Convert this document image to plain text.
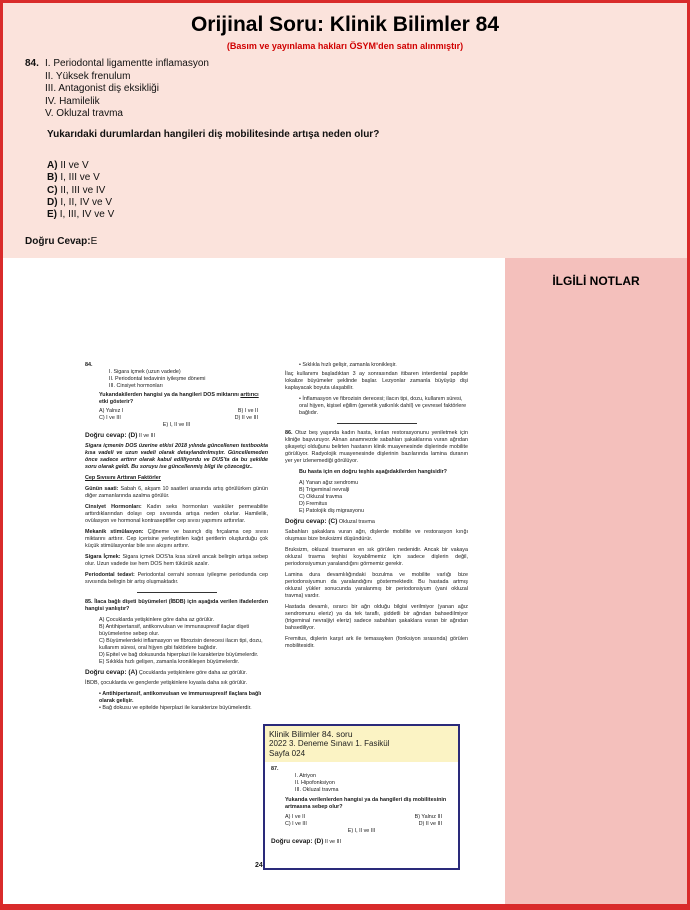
Orijinal Soru: Klinik Bilimler 84
(Basım ve yayınlama hakları ÖSYM'den satın alınmıştır)
84. I. Periodontal ligamentte inflamasyon
II. Yüksek frenulum
III. Antagonist diş eksikliği
IV. Hamilelik
V. Okluzal travma
Yukarıdaki durumlardan hangileri diş mobilitesinde artışa neden olur?
A) II ve V
B) I, III ve V
C) II, III ve IV
D) I, II, IV ve V
E) I, III, IV ve V
Doğru Cevap:E
İLGİLİ NOTLAR
84.
I. Sigara içmek (uzun vadede)
II. Periodontal tedavinin iyileşme dönemi
III. Cinsiyet hormonları
Yukarıdakilerden hangisi ya da hangileri DOS miktarını arttırıcı etki gösterir?
A) Yalnız I	B) I ve II
C) I ve III	D) II ve III
E) I, II ve III
Doğru cevap: (D) II ve III
Sigara içmenin DOS üzerine etkisi 2018 yılında güncellenen textbookta kısa vadeli ve uzun vadeli olarak detaylandırılmıştır. Güncellemeden önce sadece arttırır olarak kabul edilliyordu ve DUS'ta da bu şekilde soru olarak geldi. Bu soruyu ise güncellenmiş bilgi ile çözeceğiz..
Cep Sıvısını Arttıran Faktörler
Günün saati: Sabah 6, akşam 10 saatleri arasında artış görülürken günün diğer zamanlarında azalma görülür.
Cinsiyet Hormonları: Kadın seks hormonları vasküler permeabilite arttırdıklarından dolayı cep sıvısında artışa neden olurlar. Hamilelik, ovülasyon ve hormonal kontraseptifler cep sıvısı yapımını arttırırlar.
Mekanik stimülasyon: Çiğneme ve basınçlı diş fırçalama cep sıvısı miktarını arttırır. Cep içerisine yerleştirilen kağıt şeritlerin oluşturduğu çok küçük stimülasyonlar bile sıvı akışını arttırır.
Sigara İçmek: Sigara içmek DOS'ta kısa süreli ancak belirgin artışa sebep olur. Uzun vadede ise hem DOS hem tükürük azalır.
Periodontal tedavi: Periodontal cerrahi sonrası iyileşme periodunda cep sıvısında belirgin bir artış oluşmaktadır.
85. İlaca bağlı dişeti büyümeleri (İBDB) için aşağıda verilen ifadelerden hangisi yanlıştır?
A) Çocuklarda yetişkinlere göre daha az görülür.
B) Antihipertansif, antikonvulsan ve immunsupresif ilaçlar dişeti büyümelerine sebep olur.
C) Büyümelerdeki inflamasyon ve fibrozisin derecesi ilacın tipi, dozu, kullanım süresi, oral hijyen gibi faktörlere bağlıdır.
D) Epitel ve bağ dokusunda hiperplazi ile karakterize büyümelerdir.
E) Sıklıkla hızlı gelişen, zamanla kronikleşen büyümelerdir.
Doğru cevap: (A) Çocuklarda yetişkinlere göre daha az görülür.
İBDB, çocuklarda ve gençlerde yetişkinlere kıyasla daha sık görülür.
• Antihipertansif, antikonvulsan ve immunsupresif ilaçlara bağlı olarak gelişir.
• Bağ dokusu ve epitelde hiperplazi ile karakterize büyümelerdir.
• Sıklıkla hızlı gelişir, zamanla kronikleşir.
İlaç kullanımı başladıktan 3 ay sonrasından itibaren interdental papilde lokalize büyümeler şeklinde başlar. Lezyonlar zamanla büyüyüp dişi kaplayacak boyuta ulaşabilir.
• İnflamasyon ve fibrozisin derecesi; ilacın tipi, dozu, kullanım süresi, oral hijyen, kişisel eğilim (genetik yatkınlık dahil) ve çevresel faktörlere bağlıdır.
86. Otuz beş yaşında kadın hasta, kırılan restorasyonunu yeniletmek için kliniğe başvuruyor. Alınan anamnezde sabahları şakaklarına vuran ağrıdan şikayetçi olduğunu belirten hastanın klinik muayenesinde dişlerinde mobilite görülüyor. Radyolojik muayenesinde dişlerinin bazılarında lamina duranın yer yer izlenemediği görülüyor.
Bu hasta için en doğru teşhis aşağıdakilerden hangisidir?
A) Yanan ağız sendromu
B) Trigeminal nevralji
C) Okluzal travma
D) Fremitus
E) Patolojik diş migrasyonu
Doğru cevap: (C) Okluzal travma
Sabahları şakaklara vuran ağrı, dişlerde mobilite ve restorasyon kırığı oluşması bize bruksizmi düşündürür.
Bruksizm, okluzal travmanın en sık görülen nedenidir. Ancak bir vakaya okluzal travma teşhisi koyabilmemiz için sadece dişlerin değil, periodonsiyumun yaralandığını görmemiz gerekir.
Lamina dura devamlılığındaki bozulma ve mobilite varlığı bize periodonsiyumun da yaralandığını göstermektedir. Bu hastada artmış okluzal yükler sonucunda yaralanmış bir periodonsiyum (yani okluzal travma) vardır.
Hastada devamlı, ısrarcı bir ağrı olduğu bilgisi verilmiyor (yanan ağız sendromunu eleriz) ya da tek taraflı, şiddetli bir ağrıdan bahsedilmiyor (trigeminal nevraljiyi eleriz) sadece sabahları şakaklara vuran bir ağrıdan bahsediliyor.
Fremitus, dişlerin karşıt ark ile temasayken (fonksiyon sırasında) görülen mobilitesidir.
24
Klinik Bilimler 84. soru
2022 3. Deneme Sınavı 1. Fasikül
Sayfa 024
87.
I. Atriyon
II. Hipofonksiyon
III. Okluzal travma
Yukarıda verilenlerden hangisi ya da hangileri diş mobilitesinin artmasına sebep olur?
A) I ve II	B) Yalnız III
C) I ve III	D) II ve III
E) I, II ve III
Doğru cevap: (D) II ve III
